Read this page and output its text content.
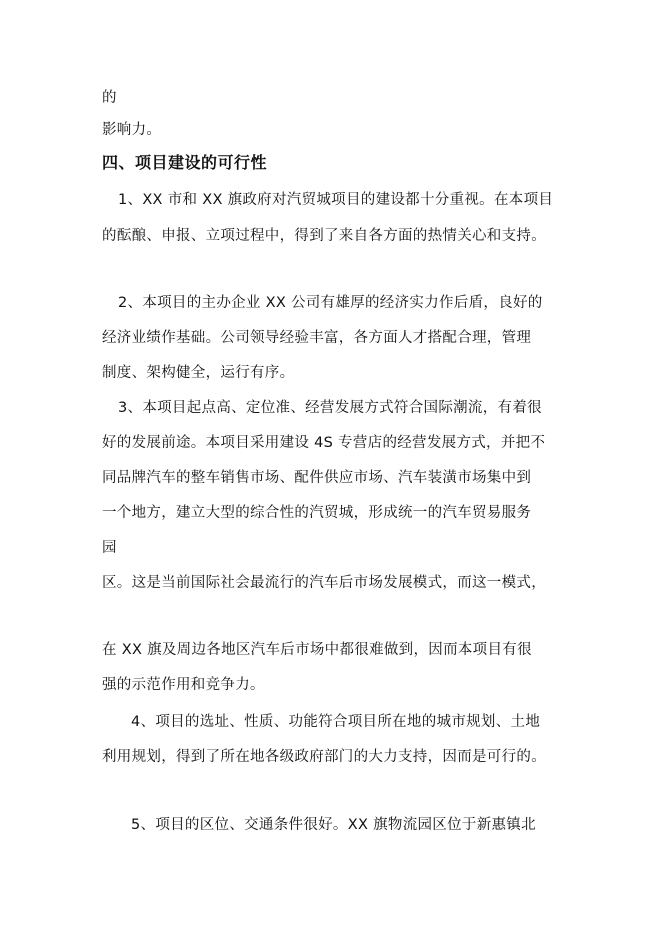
的

影响力。

四、项目建设的可行性

1、XX 市和 XX 旗政府对汽贸城项目的建设都十分重视。在本项目

的酝酿、申报、立项过程中，得到了来自各方面的热情关心和支持。

2、本项目的主办企业 XX 公司有雄厚的经济实力作后盾，良好的

经济业绩作基础。公司领导经验丰富，各方面人才搭配合理，管理

制度、架构健全，运行有序。

3、本项目起点高、定位准、经营发展方式符合国际潮流，有着很

好的发展前途。本项目采用建设 4S 专营店的经营发展方式，并把不

同品牌汽车的整车销售市场、配件供应市场、汽车装潢市场集中到

一个地方，建立大型的综合性的汽贸城，形成统一的汽车贸易服务

园

区。这是当前国际社会最流行的汽车后市场发展模式，而这一模式，

在 XX 旗及周边各地区汽车后市场中都很难做到，因而本项目有很

强的示范作用和竞争力。

4、项目的选址、性质、功能符合项目所在地的城市规划、土地

利用规划，得到了所在地各级政府部门的大力支持，因而是可行的。

5、项目的区位、交通条件很好。XX 旗物流园区位于新惠镇北
